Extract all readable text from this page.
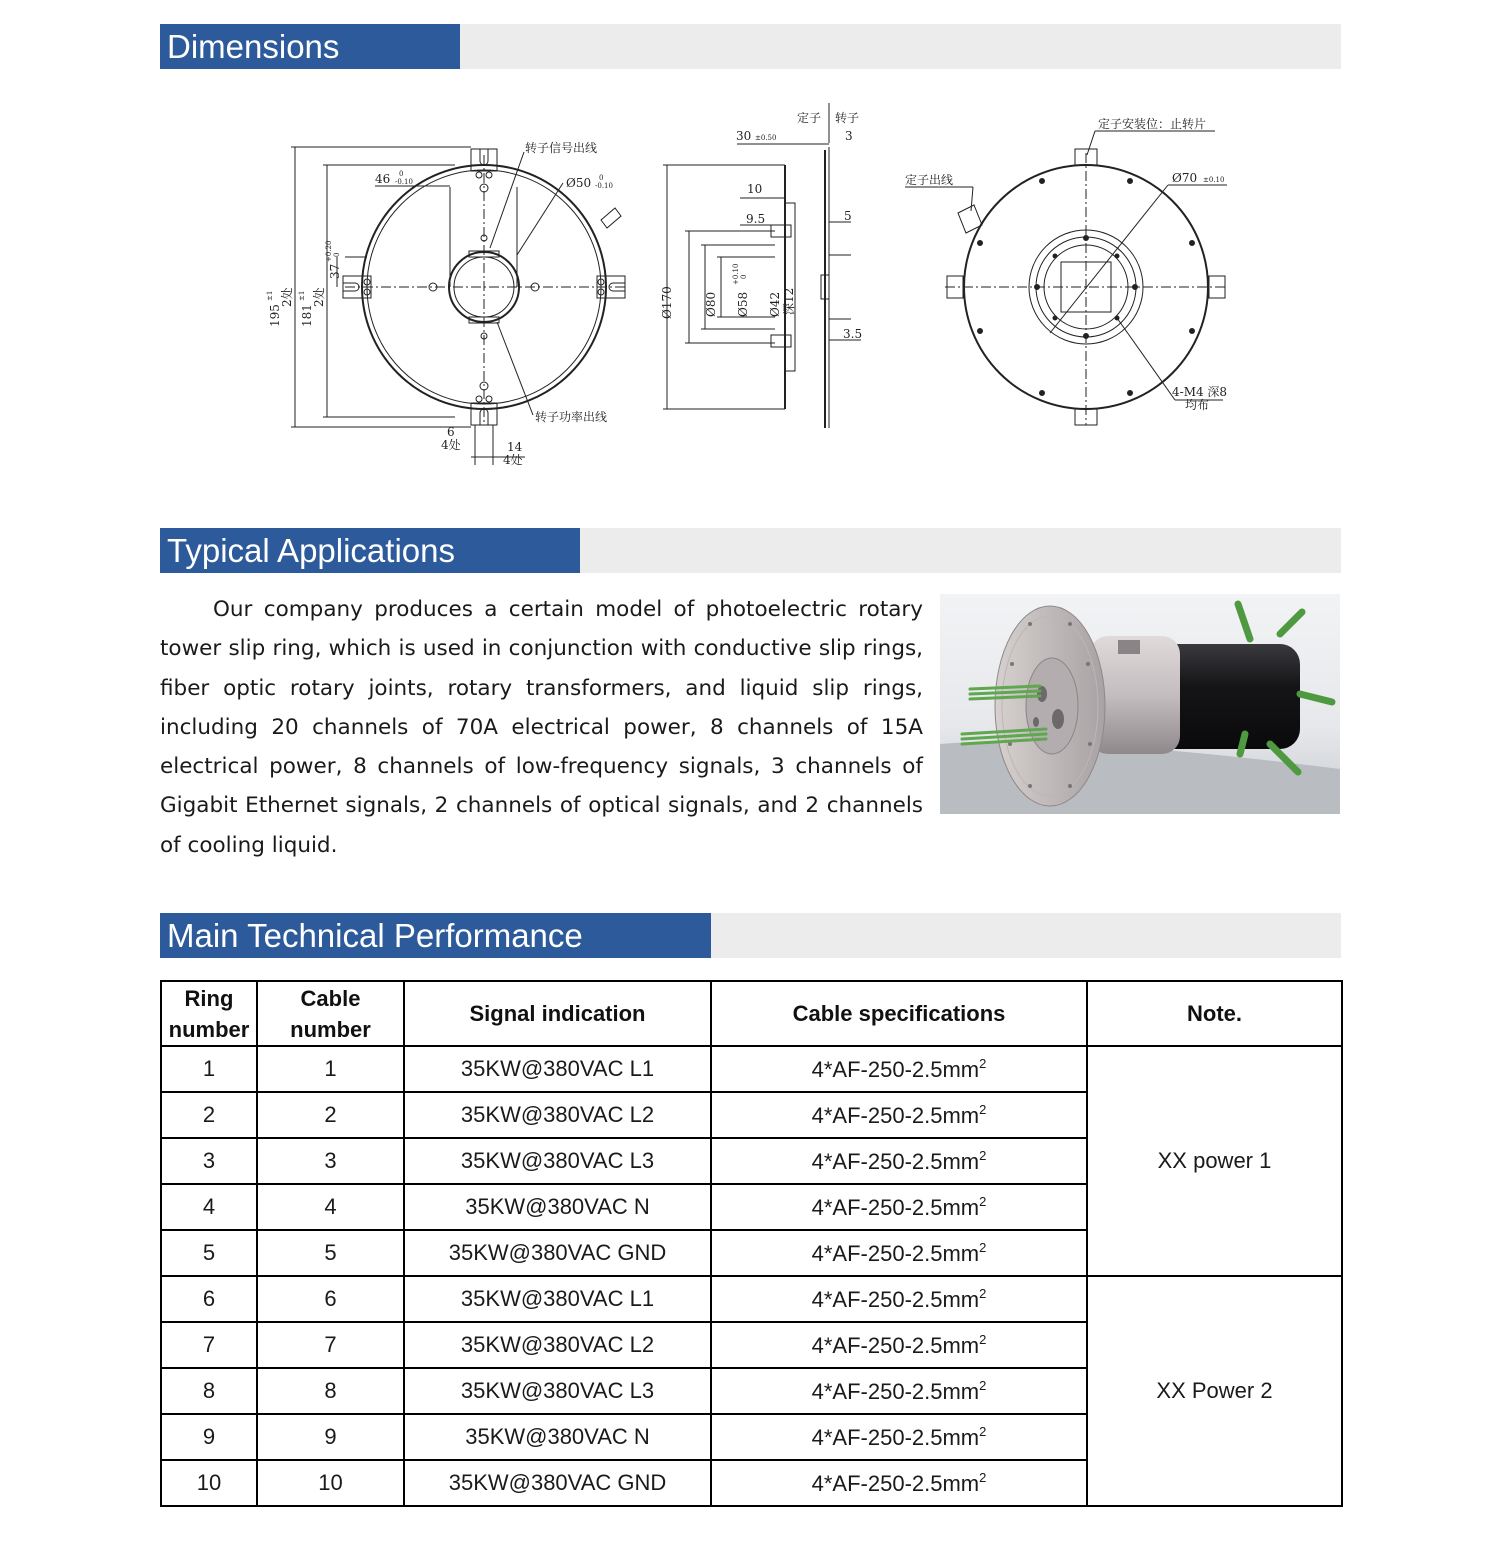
Dimensions
转子信号出线
转子功率出线
46 0
-0.10	Ø50 0
-0.10
37
+0.20 0
195
±1 2处
181
±1 2处
6
4处	14
4处
定子 转子
30 ±0.50	3
10
9.5	5
3.5
Ø170	Ø80 Ø58
+0.10 0
Ø42 深12
定子安装位：止转片
定子出线	Ø70 ±0.10
4-M4 深8
均布
Typical Applications

Our company produces a certain model of photoelectric rotary tower slip ring, which is used in conjunction with conductive slip rings, fiber optic rotary joints, rotary transformers, and liquid slip rings, including 20 channels of 70A electrical power, 8 channels of 15A electrical power, 8 channels of low-frequency signals, 3 channels of Gigabit Ethernet signals, 2 channels of optical signals, and 2 channels of cooling liquid.

Main Technical Performance
Ring
number	Cable
number	Signal indication	Cable specifications	Note.
1	1	35KW@380VAC L1	$4*AF-250-2.5mm^2$	XX power 1
2	2	35KW@380VAC L2	$4*AF-250-2.5mm^2$
3	3	35KW@380VAC L3	$4*AF-250-2.5mm^2$
4	4	35KW@380VAC N	$4*AF-250-2.5mm^2$
5	5	35KW@380VAC GND	$4*AF-250-2.5mm^2$
6	6	35KW@380VAC L1	$4*AF-250-2.5mm^2$	XX Power 2
7	7	35KW@380VAC L2	$4*AF-250-2.5mm^2$
8	8	35KW@380VAC L3	$4*AF-250-2.5mm^2$
9	9	35KW@380VAC N	$4*AF-250-2.5mm^2$
10	10	35KW@380VAC GND	$4*AF-250-2.5mm^2$
